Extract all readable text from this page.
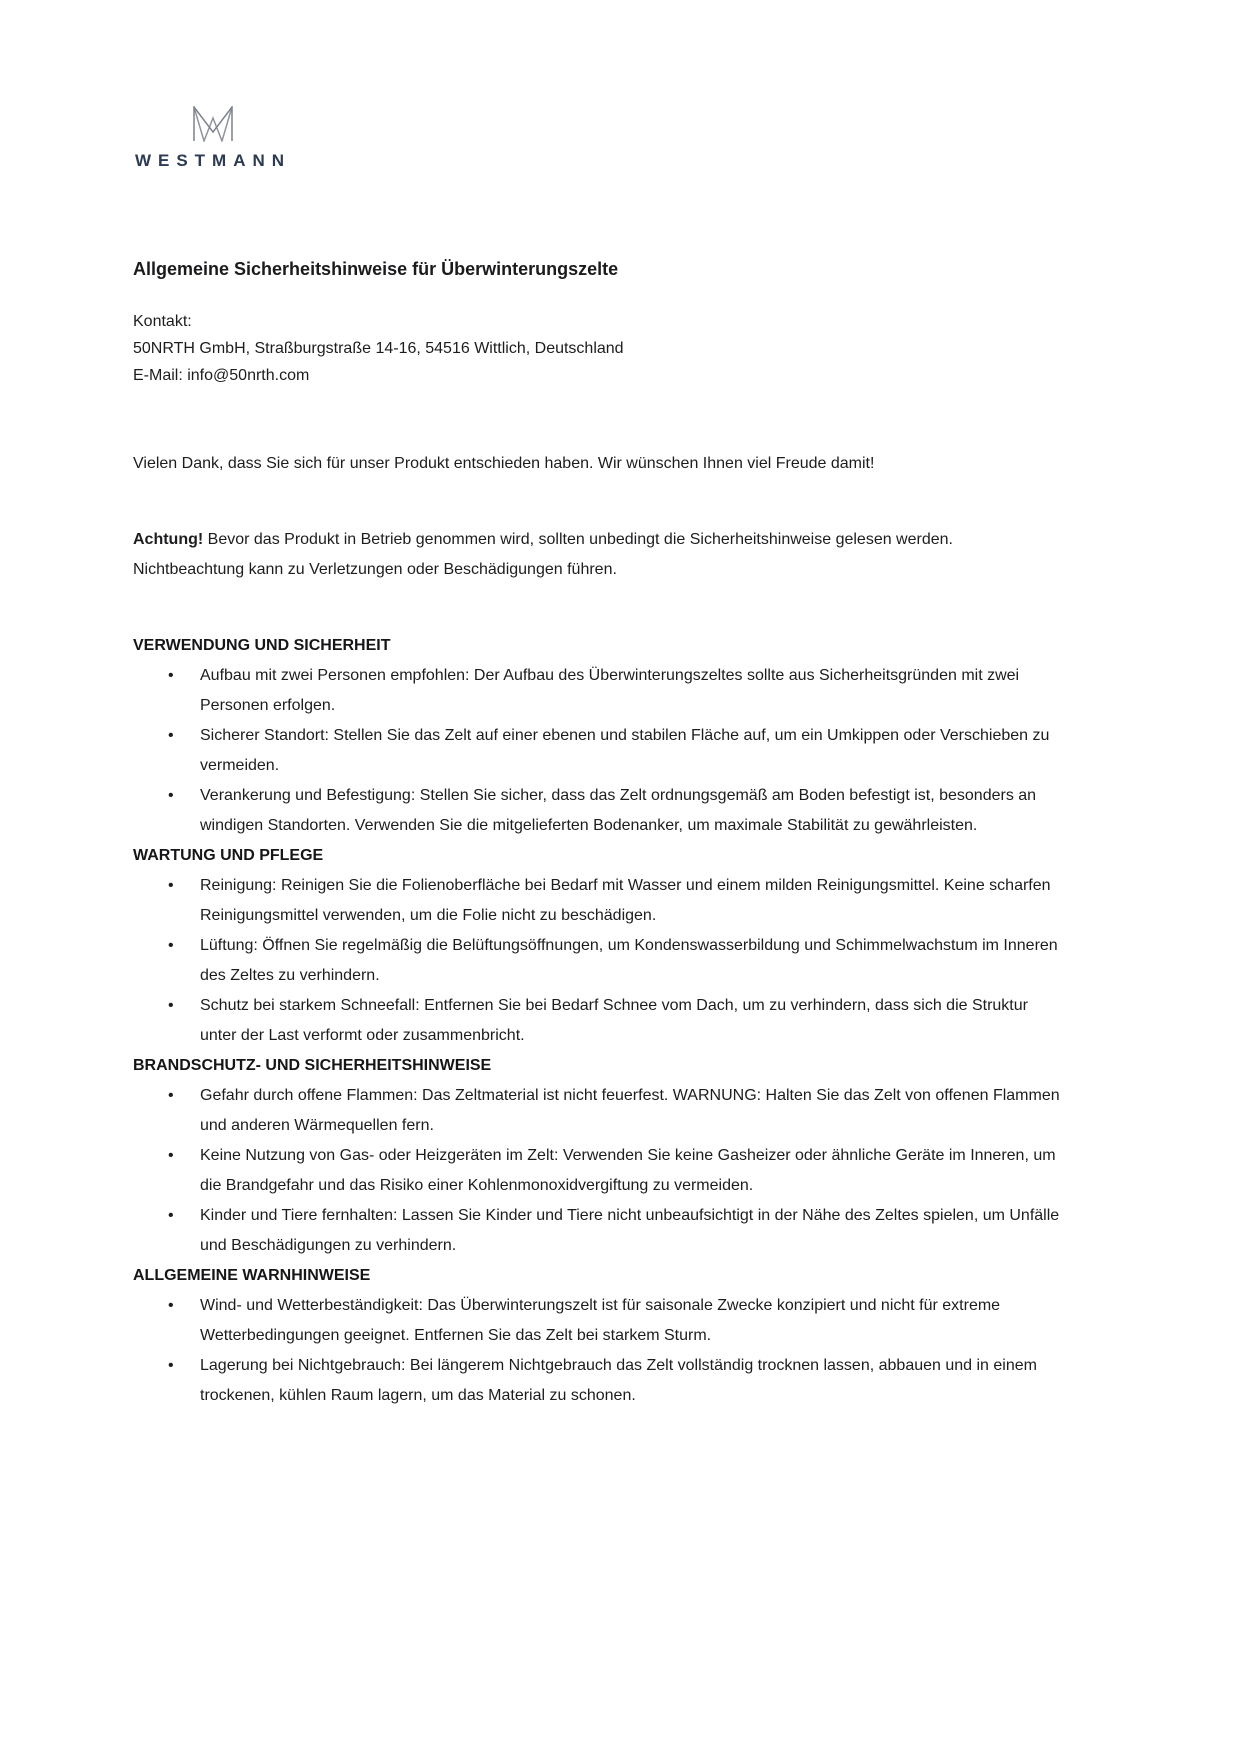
WESTMANN
Allgemeine Sicherheitshinweise für Überwinterungszelte
Kontakt:
50NRTH GmbH, Straßburgstraße 14-16, 54516 Wittlich, Deutschland
E-Mail: info@50nrth.com
Vielen Dank, dass Sie sich für unser Produkt entschieden haben. Wir wünschen Ihnen viel Freude damit!
Achtung! Bevor das Produkt in Betrieb genommen wird, sollten unbedingt die Sicherheitshinweise gelesen werden. Nichtbeachtung kann zu Verletzungen oder Beschädigungen führen.
VERWENDUNG UND SICHERHEIT
• Aufbau mit zwei Personen empfohlen: Der Aufbau des Überwinterungszeltes sollte aus Sicherheitsgründen mit zwei Personen erfolgen.
• Sicherer Standort: Stellen Sie das Zelt auf einer ebenen und stabilen Fläche auf, um ein Umkippen oder Verschieben zu vermeiden.
• Verankerung und Befestigung: Stellen Sie sicher, dass das Zelt ordnungsgemäß am Boden befestigt ist, besonders an windigen Standorten. Verwenden Sie die mitgelieferten Bodenanker, um maximale Stabilität zu gewährleisten.
WARTUNG UND PFLEGE
• Reinigung: Reinigen Sie die Folienoberfläche bei Bedarf mit Wasser und einem milden Reinigungsmittel. Keine scharfen Reinigungsmittel verwenden, um die Folie nicht zu beschädigen.
• Lüftung: Öffnen Sie regelmäßig die Belüftungsöffnungen, um Kondenswasserbildung und Schimmelwachstum im Inneren des Zeltes zu verhindern.
• Schutz bei starkem Schneefall: Entfernen Sie bei Bedarf Schnee vom Dach, um zu verhindern, dass sich die Struktur unter der Last verformt oder zusammenbricht.
BRANDSCHUTZ- UND SICHERHEITSHINWEISE
• Gefahr durch offene Flammen: Das Zeltmaterial ist nicht feuerfest. WARNUNG: Halten Sie das Zelt von offenen Flammen und anderen Wärmequellen fern.
• Keine Nutzung von Gas- oder Heizgeräten im Zelt: Verwenden Sie keine Gasheizer oder ähnliche Geräte im Inneren, um die Brandgefahr und das Risiko einer Kohlenmonoxidvergiftung zu vermeiden.
• Kinder und Tiere fernhalten: Lassen Sie Kinder und Tiere nicht unbeaufsichtigt in der Nähe des Zeltes spielen, um Unfälle und Beschädigungen zu verhindern.
ALLGEMEINE WARNHINWEISE
• Wind- und Wetterbeständigkeit: Das Überwinterungszelt ist für saisonale Zwecke konzipiert und nicht für extreme Wetterbedingungen geeignet. Entfernen Sie das Zelt bei starkem Sturm.
• Lagerung bei Nichtgebrauch: Bei längerem Nichtgebrauch das Zelt vollständig trocknen lassen, abbauen und in einem trockenen, kühlen Raum lagern, um das Material zu schonen.
